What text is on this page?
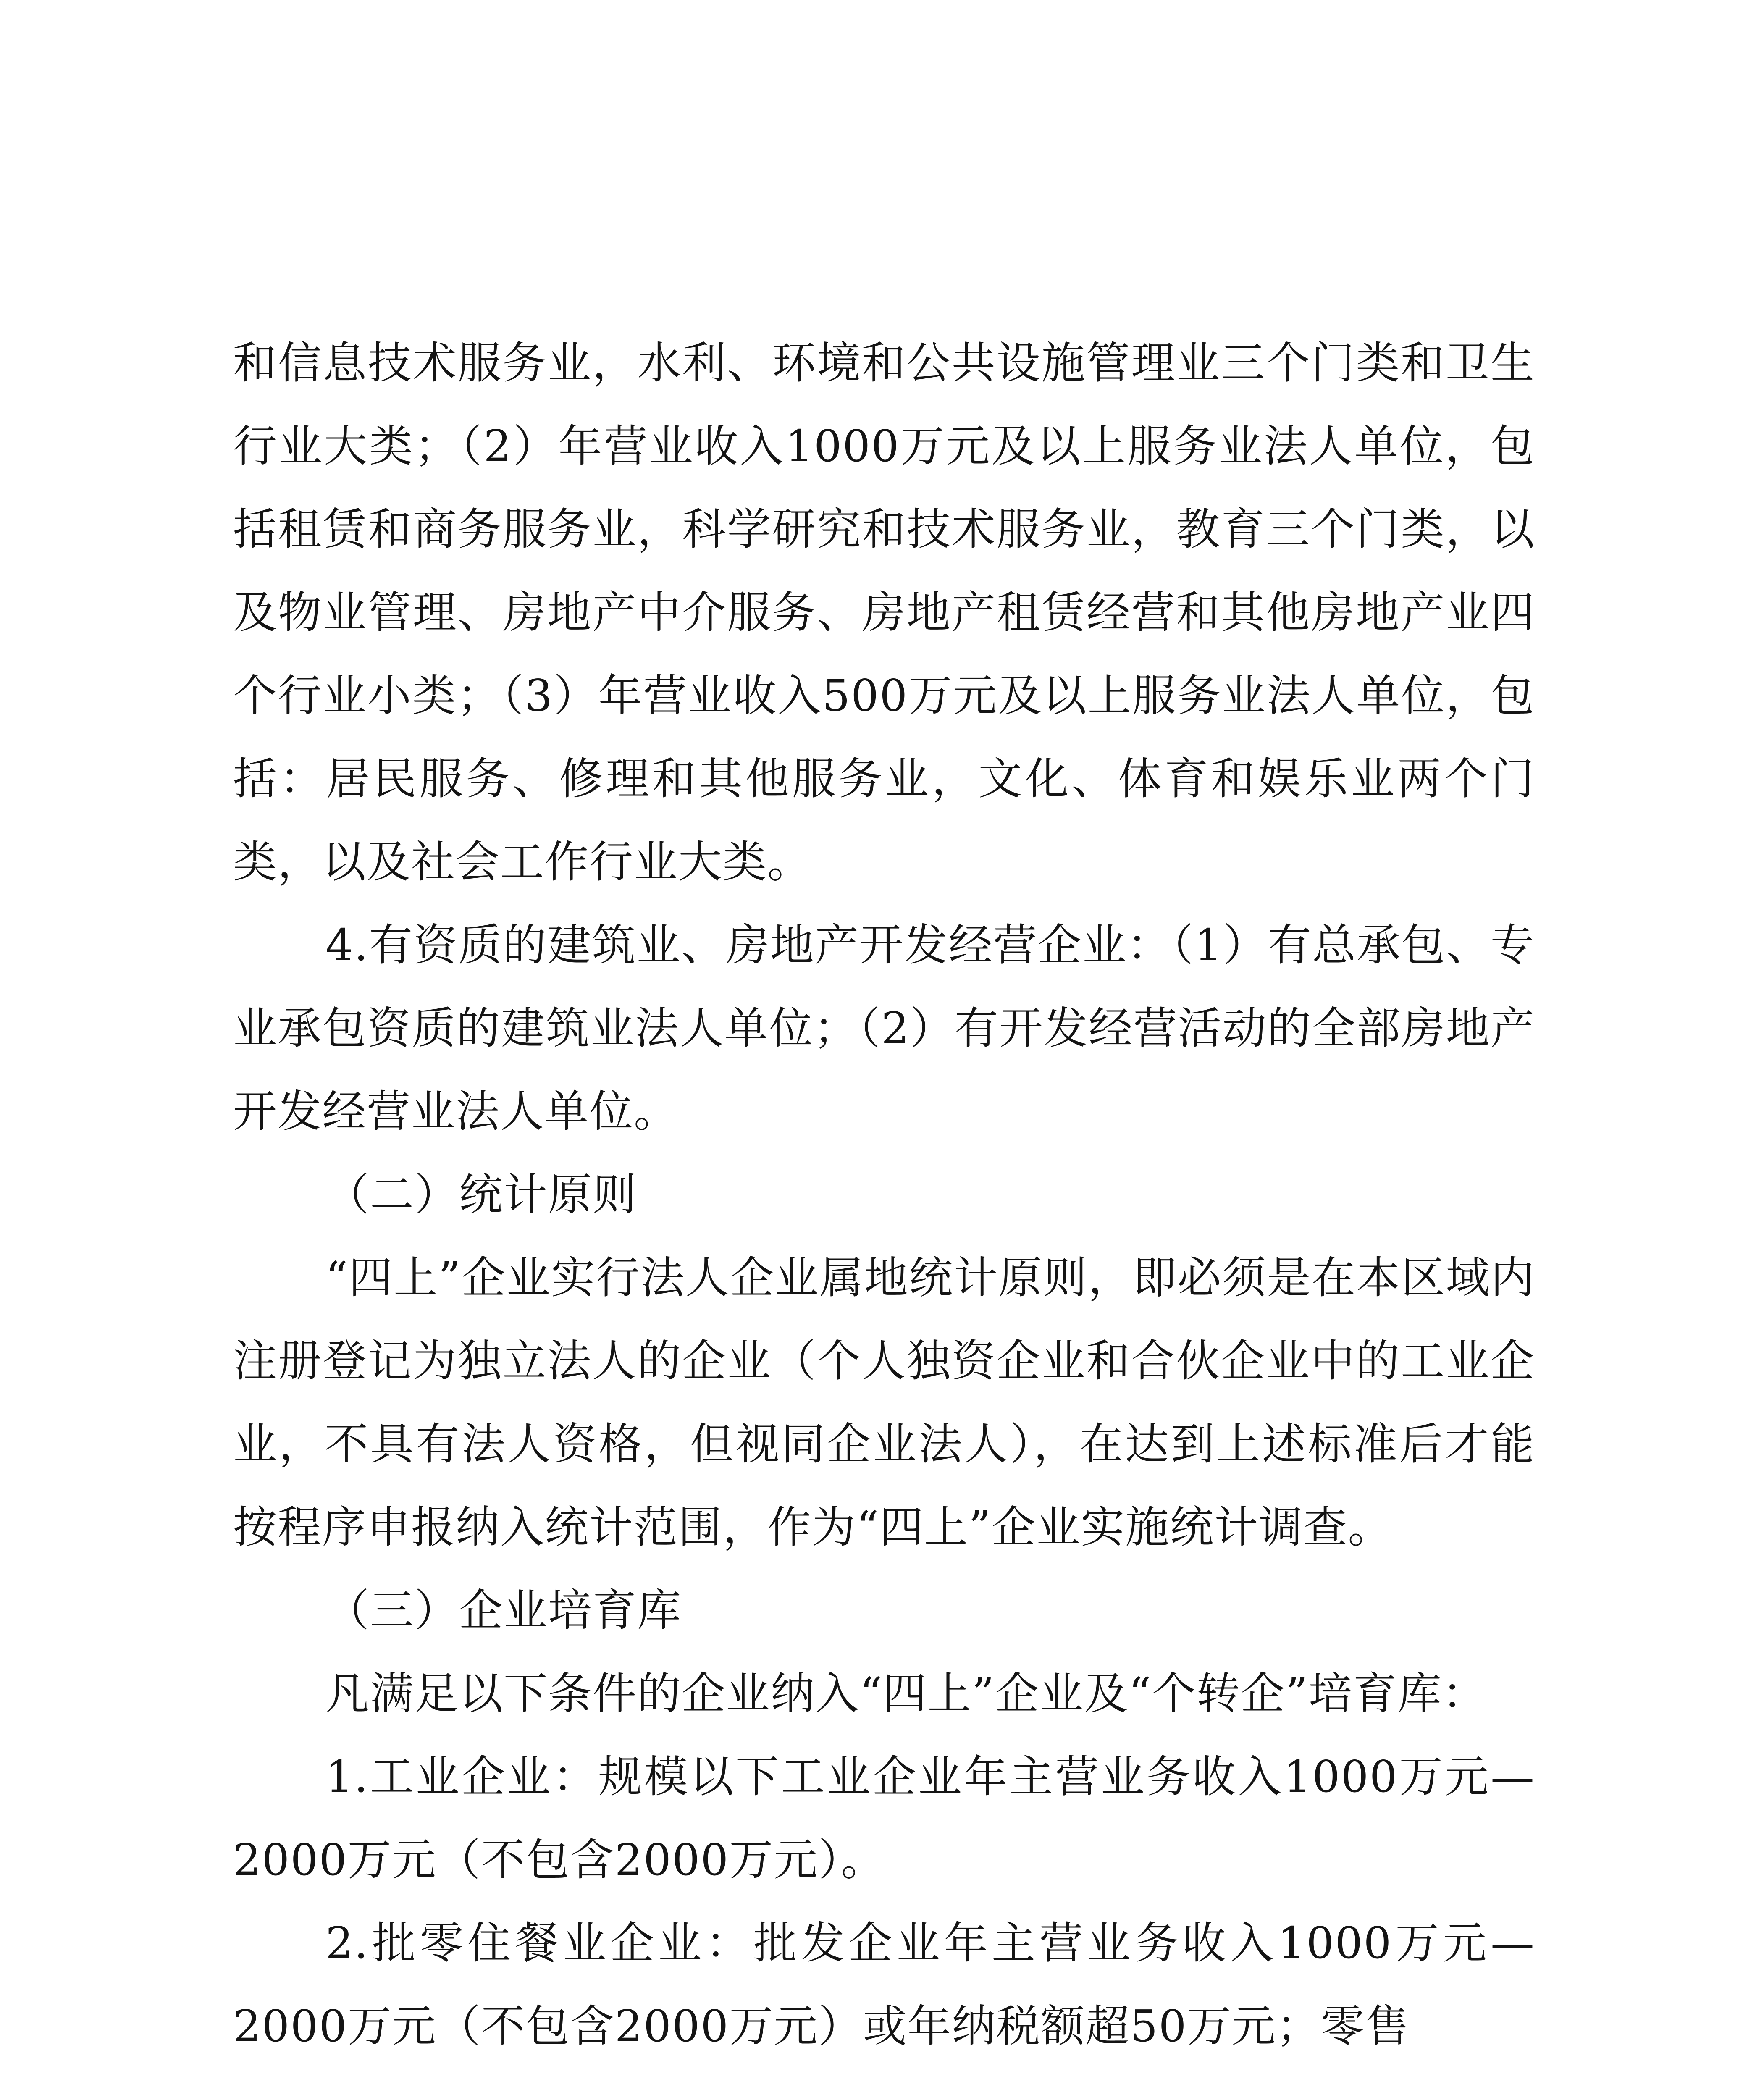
和信息技术服务业，水利、环境和公共设施管理业三个门类和卫生行业大类；（2）年营业收入1000万元及以上服务业法人单位，包括租赁和商务服务业，科学研究和技术服务业，教育三个门类，以及物业管理、房地产中介服务、房地产租赁经营和其他房地产业四个行业小类；（3）年营业收入500万元及以上服务业法人单位，包括：居民服务、修理和其他服务业，文化、体育和娱乐业两个门类，以及社会工作行业大类。

4.有资质的建筑业、房地产开发经营企业：（1）有总承包、专业承包资质的建筑业法人单位；（2）有开发经营活动的全部房地产开发经营业法人单位。

（二）统计原则

“四上”企业实行法人企业属地统计原则，即必须是在本区域内注册登记为独立法人的企业（个人独资企业和合伙企业中的工业企业，不具有法人资格，但视同企业法人），在达到上述标准后才能按程序申报纳入统计范围，作为“四上”企业实施统计调查。

（三）企业培育库

凡满足以下条件的企业纳入“四上”企业及“个转企”培育库：

1.工业企业：规模以下工业企业年主营业务收入1000万元—2000万元（不包含2000万元）。

2.批零住餐业企业：批发企业年主营业务收入1000万元—2000万元（不包含2000万元）或年纳税额超50万元；零售
